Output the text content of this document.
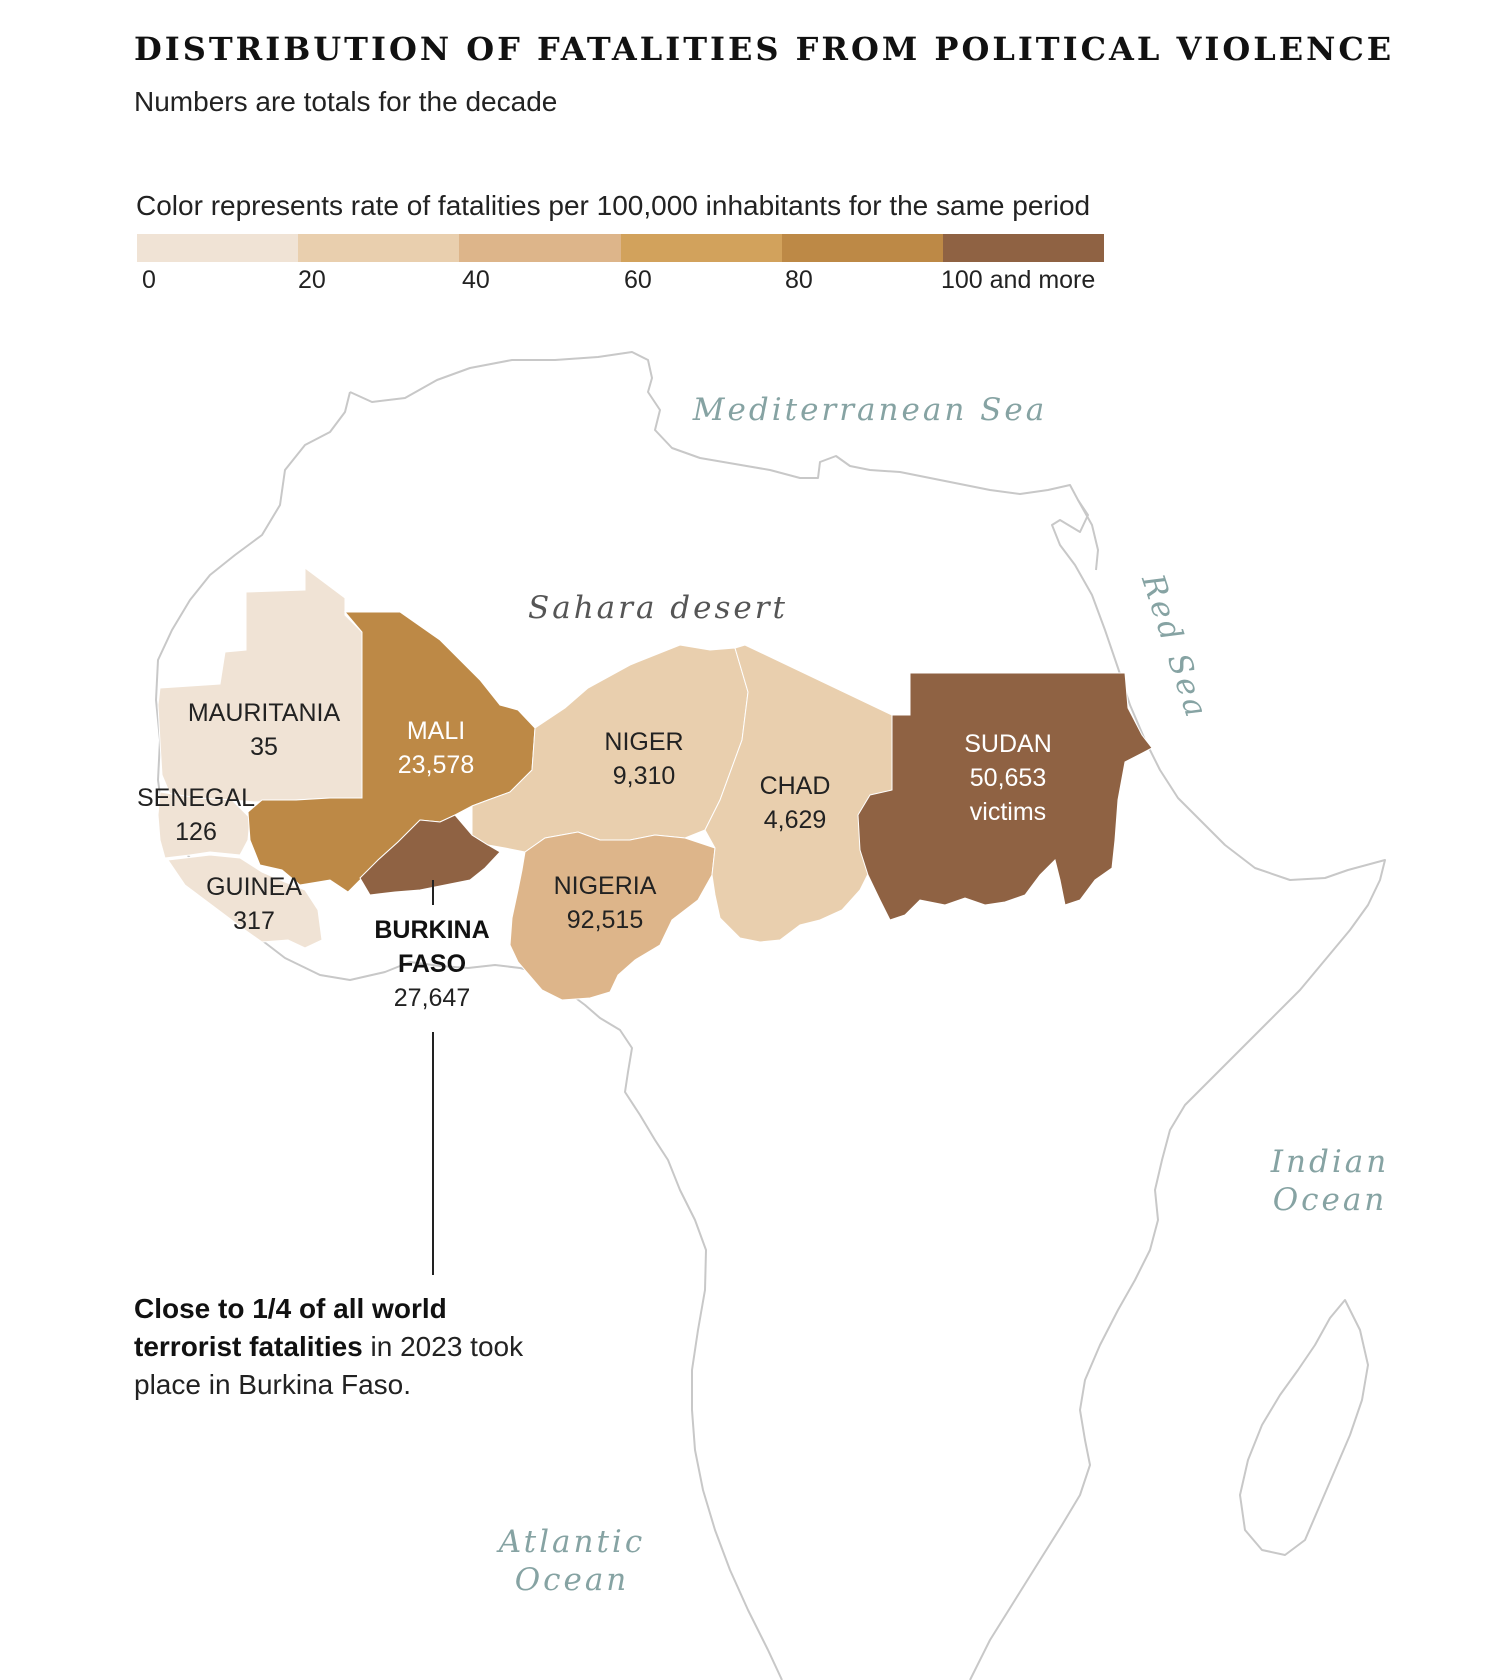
DISTRIBUTION OF FATALITIES FROM POLITICAL VIOLENCE
Numbers are totals for the decade
Color represents rate of fatalities per 100,000 inhabitants for the same period
0	20	40	60	80	100 and more
MAURITANIA
35
MALI
23,578
SENEGAL
126
GUINEA
317	BURKINA
FASO
27,647
NIGER
9,310
NIGERIA
92,515
CHAD
4,629
SUDAN
50,653
victims
Mediterranean Sea
Sahara desert	Red Sea
Indian
Ocean
Atlantic
Ocean
Close to 1/4 of all world terrorist fatalities in 2023 took place in Burkina Faso.
